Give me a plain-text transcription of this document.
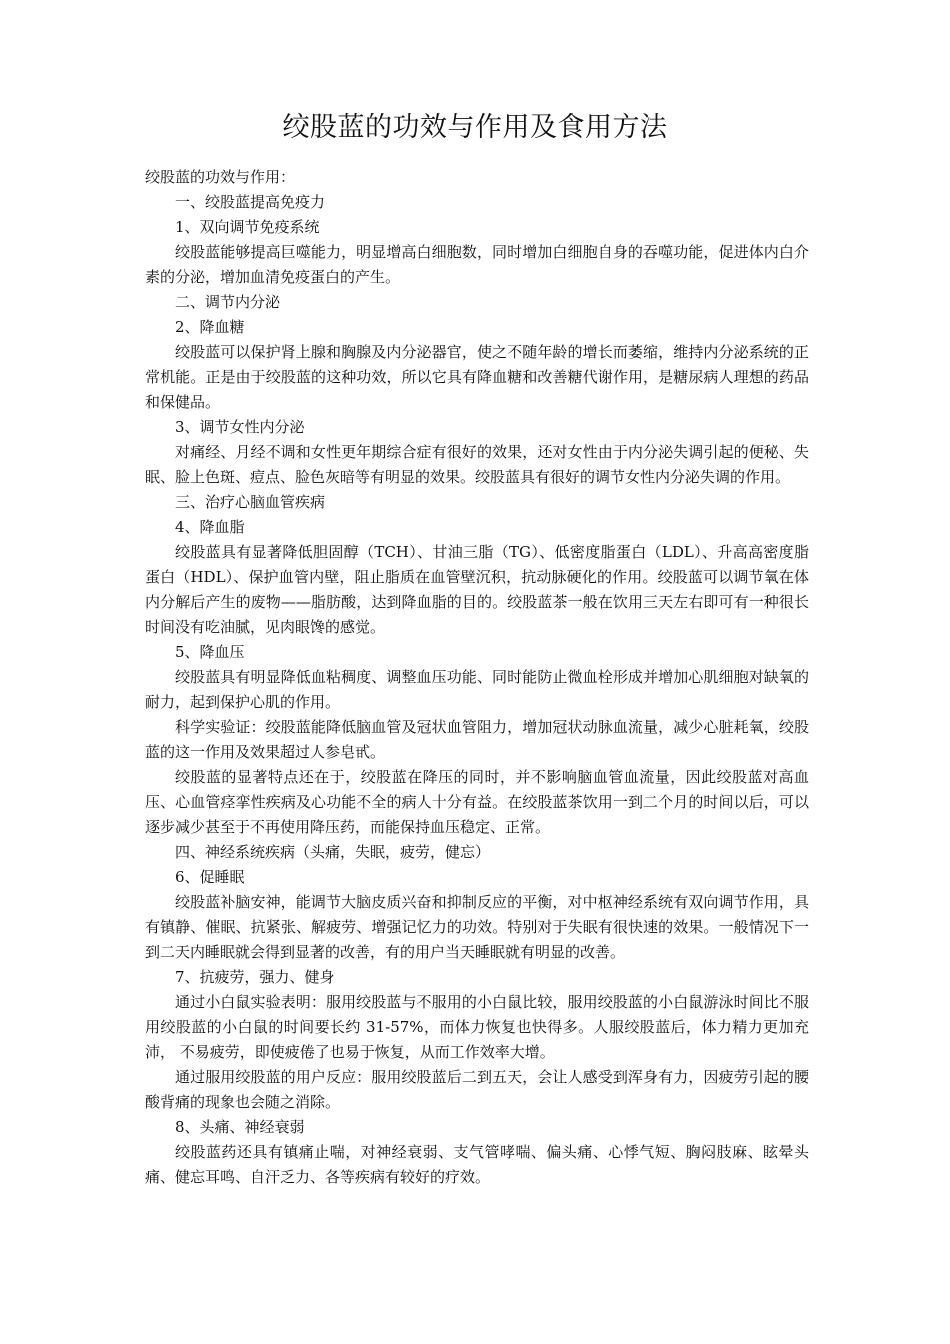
绞股蓝的功效与作用及食用方法

绞股蓝的功效与作用：

一、绞股蓝提高免疫力

1、双向调节免疫系统

绞股蓝能够提高巨噬能力，明显增高白细胞数，同时增加白细胞自身的吞噬功能，促进体内白介素的分泌，增加血清免疫蛋白的产生。

二、调节内分泌

2、降血糖

绞股蓝可以保护肾上腺和胸腺及内分泌器官，使之不随年龄的增长而萎缩，维持内分泌系统的正常机能。正是由于绞股蓝的这种功效，所以它具有降血糖和改善糖代谢作用，是糖尿病人理想的药品和保健品。

3、调节女性内分泌

对痛经、月经不调和女性更年期综合症有很好的效果，还对女性由于内分泌失调引起的便秘、失眠、脸上色斑、痘点、脸色灰暗等有明显的效果。绞股蓝具有很好的调节女性内分泌失调的作用。

三、治疗心脑血管疾病

4、降血脂

绞股蓝具有显著降低胆固醇（TCH）、甘油三脂（TG）、低密度脂蛋白（LDL）、升高高密度脂蛋白（HDL）、保护血管内壁，阻止脂质在血管壁沉积，抗动脉硬化的作用。绞股蓝可以调节氧在体内分解后产生的废物——脂肪酸，达到降血脂的目的。绞股蓝茶一般在饮用三天左右即可有一种很长时间没有吃油腻，见肉眼馋的感觉。

5、降血压

绞股蓝具有明显降低血粘稠度、调整血压功能、同时能防止微血栓形成并增加心肌细胞对缺氧的耐力，起到保护心肌的作用。

科学实验证：绞股蓝能降低脑血管及冠状血管阻力，增加冠状动脉血流量，减少心脏耗氧，绞股蓝的这一作用及效果超过人参皂甙。

绞股蓝的显著特点还在于，绞股蓝在降压的同时，并不影响脑血管血流量，因此绞股蓝对高血压、心血管痉挛性疾病及心功能不全的病人十分有益。在绞股蓝茶饮用一到二个月的时间以后，可以逐步减少甚至于不再使用降压药，而能保持血压稳定、正常。

四、神经系统疾病（头痛，失眠，疲劳，健忘）

6、促睡眠

绞股蓝补脑安神，能调节大脑皮质兴奋和抑制反应的平衡，对中枢神经系统有双向调节作用，具有镇静、催眠、抗紧张、解疲劳、增强记忆力的功效。特别对于失眠有很快速的效果。一般情况下一到二天内睡眠就会得到显著的改善，有的用户当天睡眠就有明显的改善。

7、抗疲劳，强力、健身

通过小白鼠实验表明：服用绞股蓝与不服用的小白鼠比较，服用绞股蓝的小白鼠游泳时间比不服用绞股蓝的小白鼠的时间要长约 31-57%，而体力恢复也快得多。人服绞股蓝后，体力精力更加充沛， 不易疲劳，即使疲倦了也易于恢复，从而工作效率大增。

通过服用绞股蓝的用户反应：服用绞股蓝后二到五天，会让人感受到浑身有力，因疲劳引起的腰酸背痛的现象也会随之消除。

8、头痛、神经衰弱

绞股蓝药还具有镇痛止喘，对神经衰弱、支气管哮喘、偏头痛、心悸气短、胸闷肢麻、眩晕头痛、健忘耳鸣、自汗乏力、各等疾病有较好的疗效。
